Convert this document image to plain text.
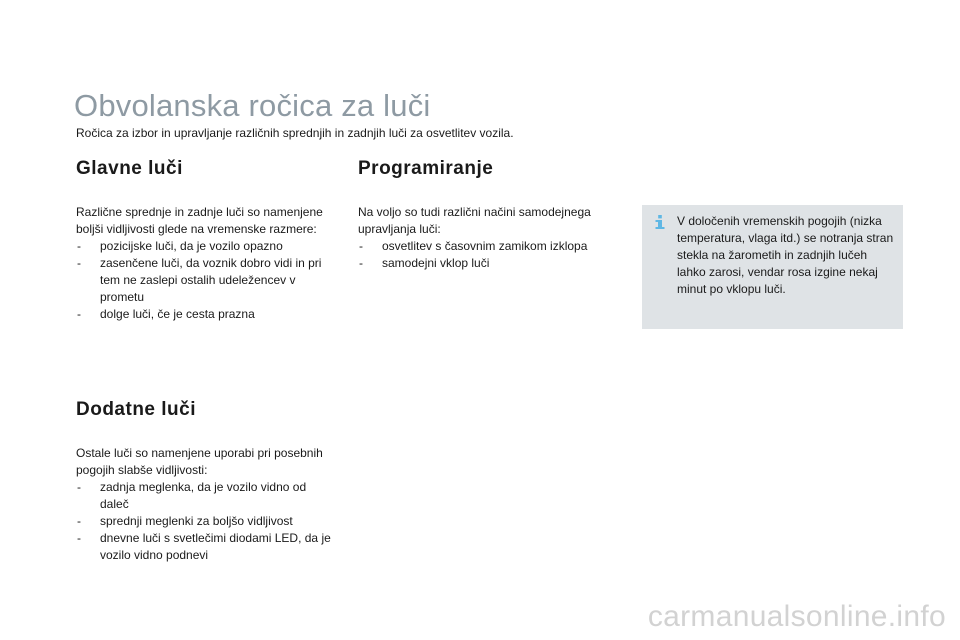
Obvolanska ročica za luči

Ročica za izbor in upravljanje različnih sprednjih in zadnjih luči za osvetlitev vozila.

Glavne luči

Različne sprednje in zadnje luči so namenjene

boljši vidljivosti glede na vremenske razmere:

- pozicijske luči, da je vozilo opazno
- zasenčene luči, da voznik dobro vidi in pri tem ne zaslepi ostalih udeležencev v prometu
- dolge luči, če je cesta prazna
Programiranje

Na voljo so tudi različni načini samodejnega

upravljanja luči:

- osvetlitev s časovnim zamikom izklopa
- samodejni vklop luči

V določenih vremenskih pogojih (nizka temperatura, vlaga itd.) se notranja stran stekla na žarometih in zadnjih lučeh lahko zarosi, vendar rosa izgine nekaj minut po vklopu luči.

Dodatne luči

Ostale luči so namenjene uporabi pri posebnih

pogojih slabše vidljivosti:

- zadnja meglenka, da je vozilo vidno od daleč
- sprednji meglenki za boljšo vidljivost
- dnevne luči s svetlečimi diodami LED, da je vozilo vidno podnevi
carmanualsonline.info
